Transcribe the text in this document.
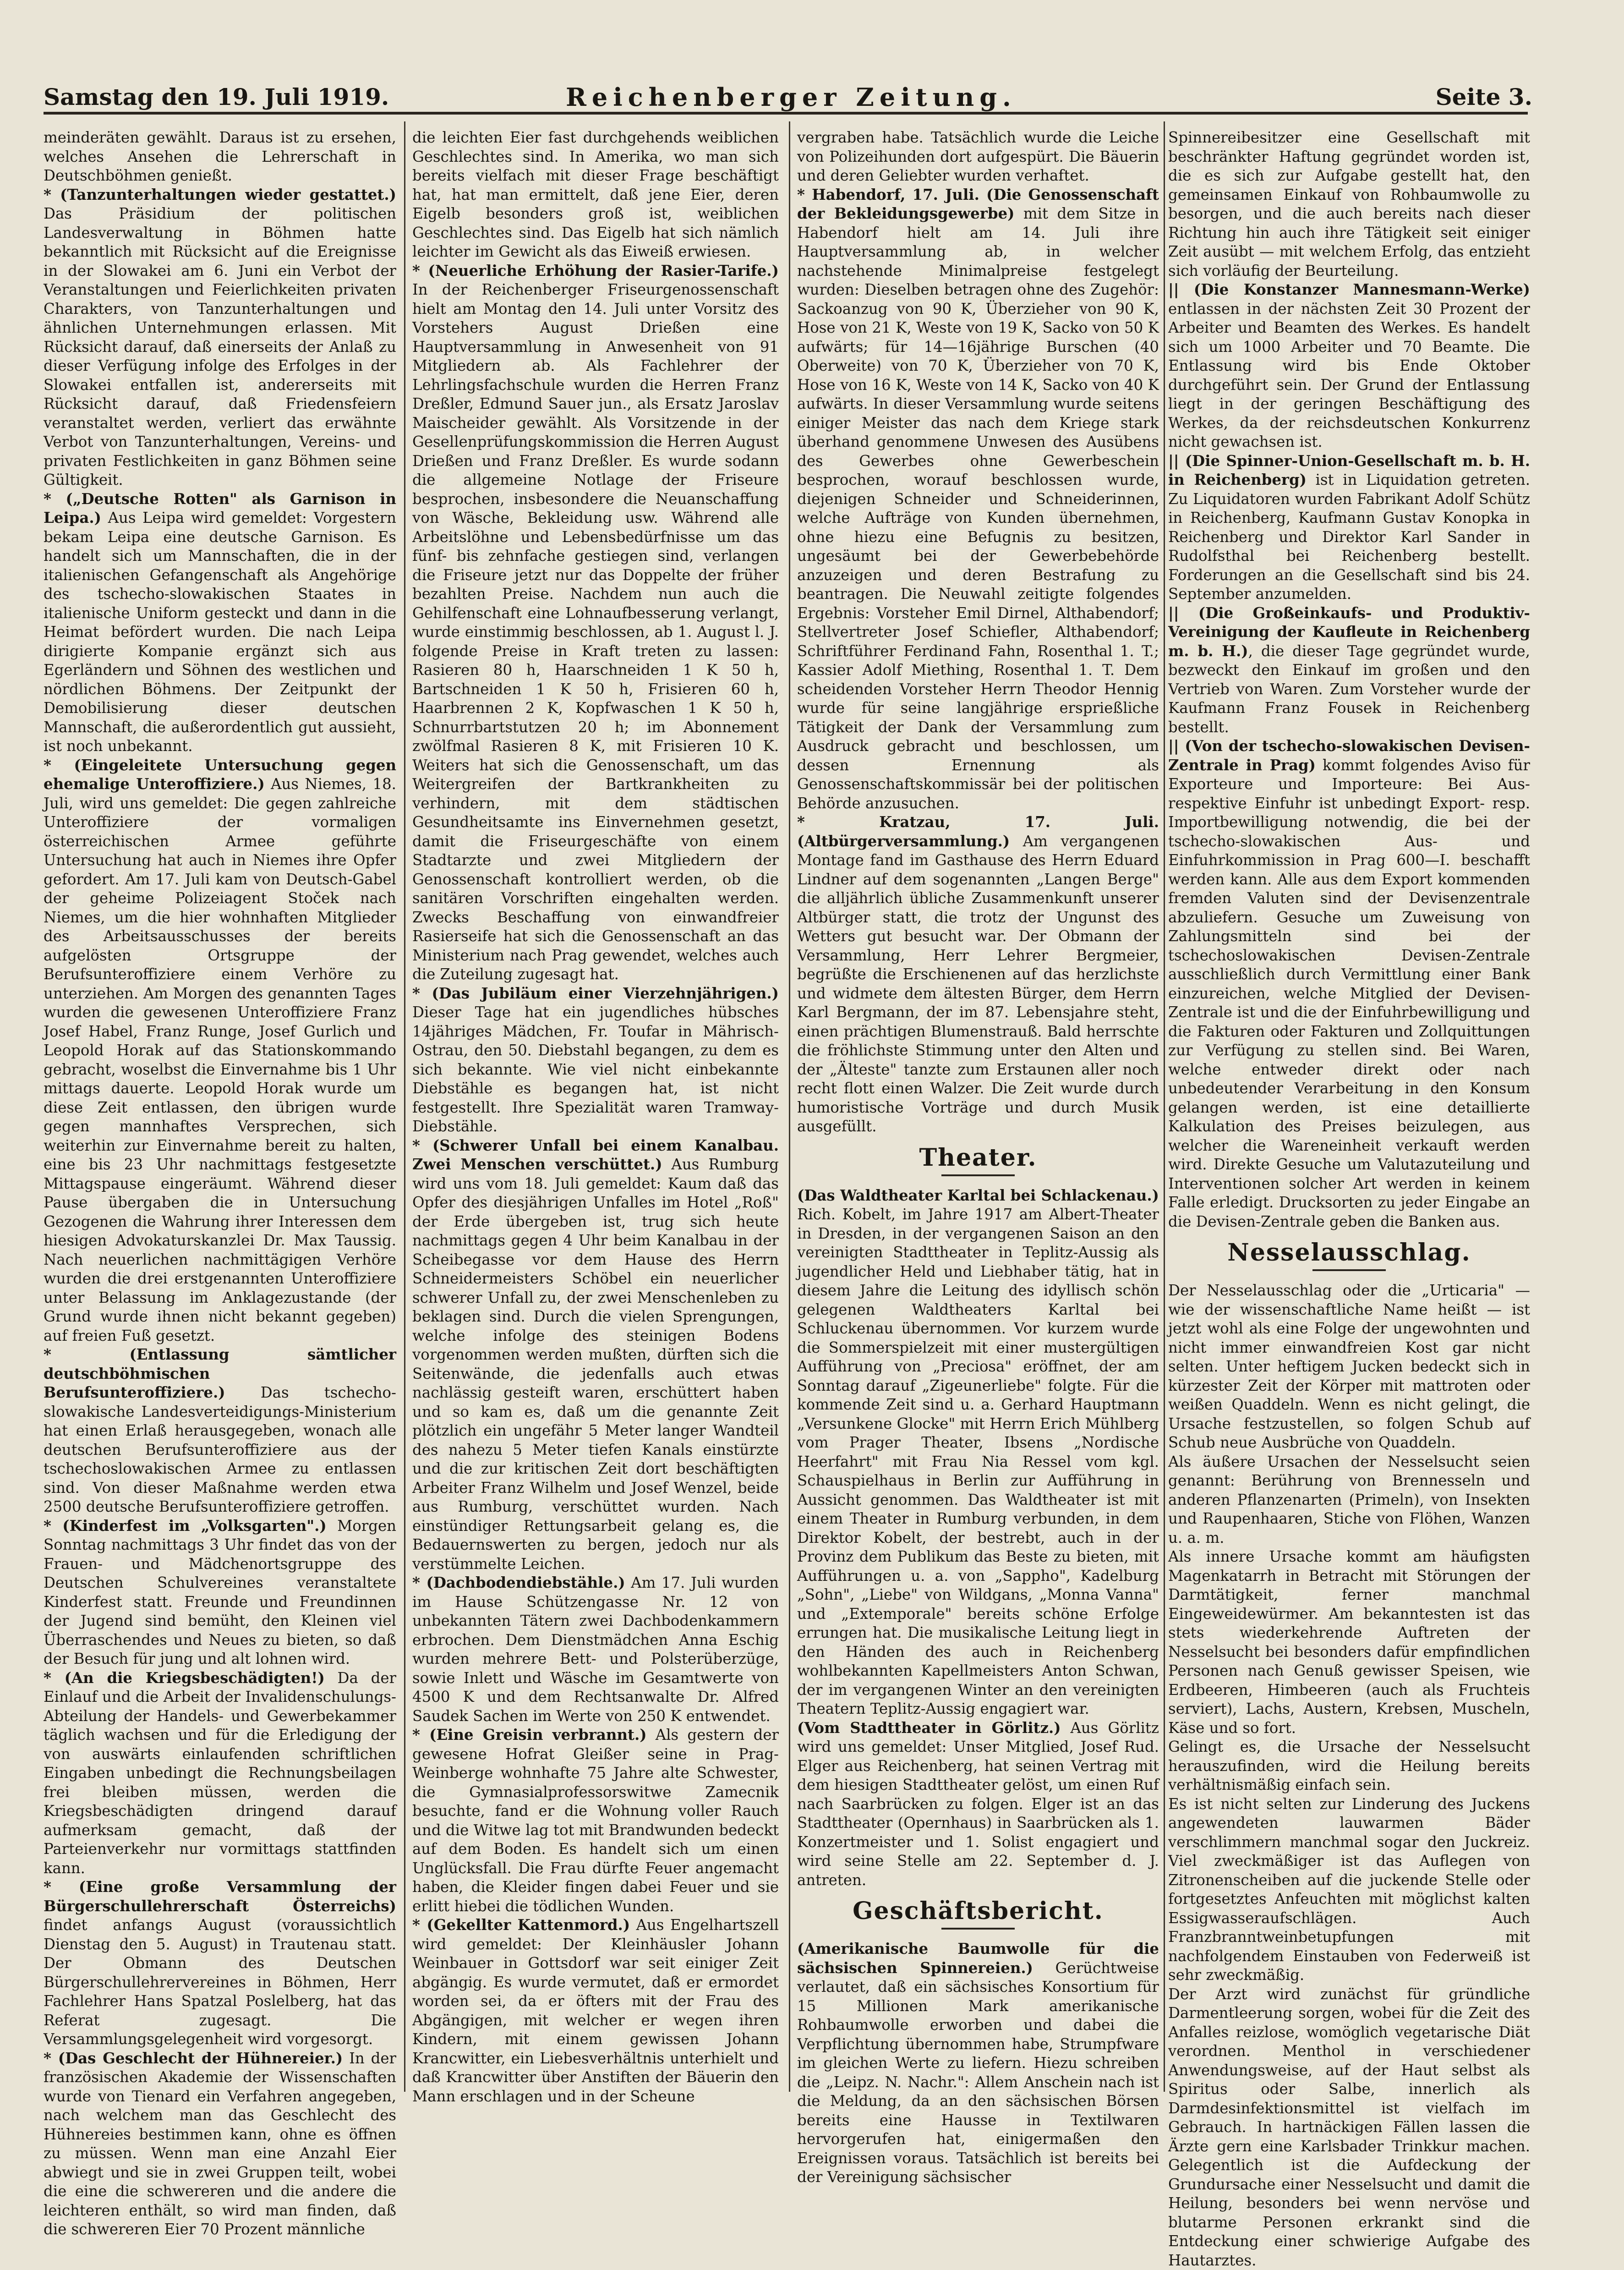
Samstag den 19. Juli 1919.	Reichenberger Zeitung.	Seite 3.

meinderäten gewählt. Daraus ist zu ersehen, welches Ansehen die Lehrerschaft in Deutschböhmen genießt.

* (Tanzunterhaltungen wieder gestattet.) Das Präsidium der politischen Landesverwaltung in Böhmen hatte bekanntlich mit Rücksicht auf die Ereignisse in der Slowakei am 6. Juni ein Verbot der Veranstaltungen und Feierlichkeiten privaten Charakters, von Tanzunterhaltungen und ähnlichen Unternehmungen erlassen. Mit Rücksicht darauf, daß einerseits der Anlaß zu dieser Verfügung infolge des Erfolges in der Slowakei entfallen ist, andererseits mit Rücksicht darauf, daß Friedensfeiern veranstaltet werden, verliert das erwähnte Verbot von Tanzunterhaltungen, Vereins- und privaten Festlichkeiten in ganz Böhmen seine Gültigkeit.

* („Deutsche Rotten" als Garnison in Leipa.) Aus Leipa wird gemeldet: Vorgestern bekam Leipa eine deutsche Garnison. Es handelt sich um Mannschaften, die in der italienischen Gefangenschaft als Angehörige des tschecho-slowakischen Staates in italienische Uniform gesteckt und dann in die Heimat befördert wurden. Die nach Leipa dirigierte Kompanie ergänzt sich aus Egerländern und Söhnen des westlichen und nördlichen Böhmens. Der Zeitpunkt der Demobilisierung dieser deutschen Mannschaft, die außerordentlich gut aussieht, ist noch unbekannt.

* (Eingeleitete Untersuchung gegen ehemalige Unteroffiziere.) Aus Niemes, 18. Juli, wird uns gemeldet: Die gegen zahlreiche Unteroffiziere der vormaligen österreichischen Armee geführte Untersuchung hat auch in Niemes ihre Opfer gefordert. Am 17. Juli kam von Deutsch-Gabel der geheime Polizeiagent Stoček nach Niemes, um die hier wohnhaften Mitglieder des Arbeitsausschusses der bereits aufgelösten Ortsgruppe der Berufsunteroffiziere einem Verhöre zu unterziehen. Am Morgen des genannten Tages wurden die gewesenen Unteroffiziere Franz Josef Habel, Franz Runge, Josef Gurlich und Leopold Horak auf das Stationskommando gebracht, woselbst die Einvernahme bis 1 Uhr mittags dauerte. Leopold Horak wurde um diese Zeit entlassen, den übrigen wurde gegen mannhaftes Versprechen, sich weiterhin zur Einvernahme bereit zu halten, eine bis 23 Uhr nachmittags festgesetzte Mittagspause eingeräumt. Während dieser Pause übergaben die in Untersuchung Gezogenen die Wahrung ihrer Interessen dem hiesigen Advokaturskanzlei Dr. Max Taussig. Nach neuerlichen nachmittägigen Verhöre wurden die drei erstgenannten Unteroffiziere unter Belassung im Anklagezustande (der Grund wurde ihnen nicht bekannt gegeben) auf freien Fuß gesetzt.

* (Entlassung sämtlicher deutschböhmischen Berufsunteroffiziere.) Das tschecho-slowakische Landesverteidigungs-Ministerium hat einen Erlaß herausgegeben, wonach alle deutschen Berufsunteroffiziere aus der tschechoslowakischen Armee zu entlassen sind. Von dieser Maßnahme werden etwa 2500 deutsche Berufsunteroffiziere getroffen.

* (Kinderfest im „Volksgarten".) Morgen Sonntag nachmittags 3 Uhr findet das von der Frauen- und Mädchenortsgruppe des Deutschen Schulvereines veranstaltete Kinderfest statt. Freunde und Freundinnen der Jugend sind bemüht, den Kleinen viel Überraschendes und Neues zu bieten, so daß der Besuch für jung und alt lohnen wird.

* (An die Kriegsbeschädigten!) Da der Einlauf und die Arbeit der Invalidenschulungs-Abteilung der Handels- und Gewerbekammer täglich wachsen und für die Erledigung der von auswärts einlaufenden schriftlichen Eingaben unbedingt die Rechnungsbeilagen frei bleiben müssen, werden die Kriegsbeschädigten dringend darauf aufmerksam gemacht, daß der Parteienverkehr nur vormittags stattfinden kann.

* (Eine große Versammlung der Bürgerschullehrerschaft Österreichs) findet anfangs August (voraussichtlich Dienstag den 5. August) in Trautenau statt. Der Obmann des Deutschen Bürgerschullehrervereines in Böhmen, Herr Fachlehrer Hans Spatzal Poslelberg, hat das Referat zugesagt. Die Versammlungsgelegenheit wird vorgesorgt.

* (Das Geschlecht der Hühnereier.) In der französischen Akademie der Wissenschaften wurde von Tienard ein Verfahren angegeben, nach welchem man das Geschlecht des Hühnereies bestimmen kann, ohne es öffnen zu müssen. Wenn man eine Anzahl Eier abwiegt und sie in zwei Gruppen teilt, wobei die eine die schwereren und die andere die leichteren enthält, so wird man finden, daß die schwereren Eier 70 Prozent männliche

die leichten Eier fast durchgehends weiblichen Geschlechtes sind. In Amerika, wo man sich bereits vielfach mit dieser Frage beschäftigt hat, hat man ermittelt, daß jene Eier, deren Eigelb besonders groß ist, weiblichen Geschlechtes sind. Das Eigelb hat sich nämlich leichter im Gewicht als das Eiweiß erwiesen.

* (Neuerliche Erhöhung der Rasier-Tarife.) In der Reichenberger Friseurgenossenschaft hielt am Montag den 14. Juli unter Vorsitz des Vorstehers August Drießen eine Hauptversammlung in Anwesenheit von 91 Mitgliedern ab. Als Fachlehrer der Lehrlingsfachschule wurden die Herren Franz Dreßler, Edmund Sauer jun., als Ersatz Jaroslav Maischeider gewählt. Als Vorsitzende in der Gesellenprüfungskommission die Herren August Drießen und Franz Dreßler. Es wurde sodann die allgemeine Notlage der Friseure besprochen, insbesondere die Neuanschaffung von Wäsche, Bekleidung usw. Während alle Arbeitslöhne und Lebensbedürfnisse um das fünf- bis zehnfache gestiegen sind, verlangen die Friseure jetzt nur das Doppelte der früher bezahlten Preise. Nachdem nun auch die Gehilfenschaft eine Lohnaufbesserung verlangt, wurde einstimmig beschlossen, ab 1. August l. J. folgende Preise in Kraft treten zu lassen: Rasieren 80 h, Haarschneiden 1 K 50 h, Bartschneiden 1 K 50 h, Frisieren 60 h, Haarbrennen 2 K, Kopfwaschen 1 K 50 h, Schnurrbartstutzen 20 h; im Abonnement zwölfmal Rasieren 8 K, mit Frisieren 10 K. Weiters hat sich die Genossenschaft, um das Weitergreifen der Bartkrankheiten zu verhindern, mit dem städtischen Gesundheitsamte ins Einvernehmen gesetzt, damit die Friseurgeschäfte von einem Stadtarzte und zwei Mitgliedern der Genossenschaft kontrolliert werden, ob die sanitären Vorschriften eingehalten werden. Zwecks Beschaffung von einwandfreier Rasierseife hat sich die Genossenschaft an das Ministerium nach Prag gewendet, welches auch die Zuteilung zugesagt hat.

* (Das Jubiläum einer Vierzehnjährigen.) Dieser Tage hat ein jugendliches hübsches 14jähriges Mädchen, Fr. Toufar in Mährisch-Ostrau, den 50. Diebstahl begangen, zu dem es sich bekannte. Wie viel nicht einbekannte Diebstähle es begangen hat, ist nicht festgestellt. Ihre Spezialität waren Tramway-Diebstähle.

* (Schwerer Unfall bei einem Kanalbau. Zwei Menschen verschüttet.) Aus Rumburg wird uns vom 18. Juli gemeldet: Kaum daß das Opfer des diesjährigen Unfalles im Hotel „Roß" der Erde übergeben ist, trug sich heute nachmittags gegen 4 Uhr beim Kanalbau in der Scheibegasse vor dem Hause des Herrn Schneidermeisters Schöbel ein neuerlicher schwerer Unfall zu, der zwei Menschenleben zu beklagen sind. Durch die vielen Sprengungen, welche infolge des steinigen Bodens vorgenommen werden mußten, dürften sich die Seitenwände, die jedenfalls auch etwas nachlässig gesteift waren, erschüttert haben und so kam es, daß um die genannte Zeit plötzlich ein ungefähr 5 Meter langer Wandteil des nahezu 5 Meter tiefen Kanals einstürzte und die zur kritischen Zeit dort beschäftigten Arbeiter Franz Wilhelm und Josef Wenzel, beide aus Rumburg, verschüttet wurden. Nach einstündiger Rettungsarbeit gelang es, die Bedauernswerten zu bergen, jedoch nur als verstümmelte Leichen.

* (Dachbodendiebstähle.) Am 17. Juli wurden im Hause Schützengasse Nr. 12 von unbekannten Tätern zwei Dachbodenkammern erbrochen. Dem Dienstmädchen Anna Eschig wurden mehrere Bett- und Polsterüberzüge, sowie Inlett und Wäsche im Gesamtwerte von 4500 K und dem Rechtsanwalte Dr. Alfred Saudek Sachen im Werte von 250 K entwendet.

* (Eine Greisin verbrannt.) Als gestern der gewesene Hofrat Gleißer seine in Prag-Weinberge wohnhafte 75 Jahre alte Schwester, die Gymnasialprofessorswitwe Zamecnik besuchte, fand er die Wohnung voller Rauch und die Witwe lag tot mit Brandwunden bedeckt auf dem Boden. Es handelt sich um einen Unglücksfall. Die Frau dürfte Feuer angemacht haben, die Kleider fingen dabei Feuer und sie erlitt hiebei die tödlichen Wunden.

* (Gekellter Kattenmord.) Aus Engelhartszell wird gemeldet: Der Kleinhäusler Johann Weinbauer in Gottsdorf war seit einiger Zeit abgängig. Es wurde vermutet, daß er ermordet worden sei, da er öfters mit der Frau des Abgängigen, mit welcher er wegen ihren Kindern, mit einem gewissen Johann Krancwitter, ein Liebesverhältnis unterhielt und daß Krancwitter über Anstiften der Bäuerin den Mann erschlagen und in der Scheune

vergraben habe. Tatsächlich wurde die Leiche von Polizeihunden dort aufgespürt. Die Bäuerin und deren Geliebter wurden verhaftet.

* Habendorf, 17. Juli. (Die Genossenschaft der Bekleidungsgewerbe) mit dem Sitze in Habendorf hielt am 14. Juli ihre Hauptversammlung ab, in welcher nachstehende Minimalpreise festgelegt wurden: Dieselben betragen ohne des Zugehör: Sackoanzug von 90 K, Überzieher von 90 K, Hose von 21 K, Weste von 19 K, Sacko von 50 K aufwärts; für 14—16jährige Burschen (40 Oberweite) von 70 K, Überzieher von 70 K, Hose von 16 K, Weste von 14 K, Sacko von 40 K aufwärts. In dieser Versammlung wurde seitens einiger Meister das nach dem Kriege stark überhand genommene Unwesen des Ausübens des Gewerbes ohne Gewerbeschein besprochen, worauf beschlossen wurde, diejenigen Schneider und Schneiderinnen, welche Aufträge von Kunden übernehmen, ohne hiezu eine Befugnis zu besitzen, ungesäumt bei der Gewerbebehörde anzuzeigen und deren Bestrafung zu beantragen. Die Neuwahl zeitigte folgendes Ergebnis: Vorsteher Emil Dirnel, Althabendorf; Stellvertreter Josef Schiefler, Althabendorf; Schriftführer Ferdinand Fahn, Rosenthal 1. T.; Kassier Adolf Miething, Rosenthal 1. T. Dem scheidenden Vorsteher Herrn Theodor Hennig wurde für seine langjährige ersprießliche Tätigkeit der Dank der Versammlung zum Ausdruck gebracht und beschlossen, um dessen Ernennung als Genossenschaftskommissär bei der politischen Behörde anzusuchen.

* Kratzau, 17. Juli. (Altbürgerversammlung.) Am vergangenen Montage fand im Gasthause des Herrn Eduard Lindner auf dem sogenannten „Langen Berge" die alljährlich übliche Zusammenkunft unserer Altbürger statt, die trotz der Ungunst des Wetters gut besucht war. Der Obmann der Versammlung, Herr Lehrer Bergmeier, begrüßte die Erschienenen auf das herzlichste und widmete dem ältesten Bürger, dem Herrn Karl Bergmann, der im 87. Lebensjahre steht, einen prächtigen Blumenstrauß. Bald herrschte die fröhlichste Stimmung unter den Alten und der „Älteste" tanzte zum Erstaunen aller noch recht flott einen Walzer. Die Zeit wurde durch humoristische Vorträge und durch Musik ausgefüllt.

Theater.

(Das Waldtheater Karltal bei Schlackenau.) Rich. Kobelt, im Jahre 1917 am Albert-Theater in Dresden, in der vergangenen Saison an den vereinigten Stadttheater in Teplitz-Aussig als jugendlicher Held und Liebhaber tätig, hat in diesem Jahre die Leitung des idyllisch schön gelegenen Waldtheaters Karltal bei Schluckenau übernommen. Vor kurzem wurde die Sommerspielzeit mit einer mustergültigen Aufführung von „Preciosa" eröffnet, der am Sonntag darauf „Zigeunerliebe" folgte. Für die kommende Zeit sind u. a. Gerhard Hauptmann „Versunkene Glocke" mit Herrn Erich Mühlberg vom Prager Theater, Ibsens „Nordische Heerfahrt" mit Frau Nia Ressel vom kgl. Schauspielhaus in Berlin zur Aufführung in Aussicht genommen. Das Waldtheater ist mit einem Theater in Rumburg verbunden, in dem Direktor Kobelt, der bestrebt, auch in der Provinz dem Publikum das Beste zu bieten, mit Aufführungen u. a. von „Sappho", Kadelburg „Sohn", „Liebe" von Wildgans, „Monna Vanna" und „Extemporale" bereits schöne Erfolge errungen hat. Die musikalische Leitung liegt in den Händen des auch in Reichenberg wohlbekannten Kapellmeisters Anton Schwan, der im vergangenen Winter an den vereinigten Theatern Teplitz-Aussig engagiert war.

(Vom Stadttheater in Görlitz.) Aus Görlitz wird uns gemeldet: Unser Mitglied, Josef Rud. Elger aus Reichenberg, hat seinen Vertrag mit dem hiesigen Stadttheater gelöst, um einen Ruf nach Saarbrücken zu folgen. Elger ist an das Stadttheater (Opernhaus) in Saarbrücken als 1. Konzertmeister und 1. Solist engagiert und wird seine Stelle am 22. September d. J. antreten.

Geschäftsbericht.

(Amerikanische Baumwolle für die sächsischen Spinnereien.) Gerüchtweise verlautet, daß ein sächsisches Konsortium für 15 Millionen Mark amerikanische Rohbaumwolle erworben und dabei die Verpflichtung übernommen habe, Strumpfware im gleichen Werte zu liefern. Hiezu schreiben die „Leipz. N. Nachr.": Allem Anschein nach ist die Meldung, da an den sächsischen Börsen bereits eine Hausse in Textilwaren hervorgerufen hat, einigermaßen den Ereignissen voraus. Tatsächlich ist bereits bei der Vereinigung sächsischer

Spinnereibesitzer eine Gesellschaft mit beschränkter Haftung gegründet worden ist, die es sich zur Aufgabe gestellt hat, den gemeinsamen Einkauf von Rohbaumwolle zu besorgen, und die auch bereits nach dieser Richtung hin auch ihre Tätigkeit seit einiger Zeit ausübt — mit welchem Erfolg, das entzieht sich vorläufig der Beurteilung.

|| (Die Konstanzer Mannesmann-Werke) entlassen in der nächsten Zeit 30 Prozent der Arbeiter und Beamten des Werkes. Es handelt sich um 1000 Arbeiter und 70 Beamte. Die Entlassung wird bis Ende Oktober durchgeführt sein. Der Grund der Entlassung liegt in der geringen Beschäftigung des Werkes, da der reichsdeutschen Konkurrenz nicht gewachsen ist.

|| (Die Spinner-Union-Gesellschaft m. b. H. in Reichenberg) ist in Liquidation getreten. Zu Liquidatoren wurden Fabrikant Adolf Schütz in Reichenberg, Kaufmann Gustav Konopka in Reichenberg und Direktor Karl Sander in Rudolfsthal bei Reichenberg bestellt. Forderungen an die Gesellschaft sind bis 24. September anzumelden.

|| (Die Großeinkaufs- und Produktiv-Vereinigung der Kaufleute in Reichenberg m. b. H.), die dieser Tage gegründet wurde, bezweckt den Einkauf im großen und den Vertrieb von Waren. Zum Vorsteher wurde der Kaufmann Franz Fousek in Reichenberg bestellt.

|| (Von der tschecho-slowakischen Devisen-Zentrale in Prag) kommt folgendes Aviso für Exporteure und Importeure: Bei Aus- respektive Einfuhr ist unbedingt Export- resp. Importbewilligung notwendig, die bei der tschecho-slowakischen Aus- und Einfuhrkommission in Prag 600—I. beschafft werden kann. Alle aus dem Export kommenden fremden Valuten sind der Devisenzentrale abzuliefern. Gesuche um Zuweisung von Zahlungsmitteln sind bei der tschechoslowakischen Devisen-Zentrale ausschließlich durch Vermittlung einer Bank einzureichen, welche Mitglied der Devisen-Zentrale ist und die der Einfuhrbewilligung und die Fakturen oder Fakturen und Zollquittungen zur Verfügung zu stellen sind. Bei Waren, welche entweder direkt oder nach unbedeutender Verarbeitung in den Konsum gelangen werden, ist eine detaillierte Kalkulation des Preises beizulegen, aus welcher die Wareneinheit verkauft werden wird. Direkte Gesuche um Valutazuteilung und Interventionen solcher Art werden in keinem Falle erledigt. Drucksorten zu jeder Eingabe an die Devisen-Zentrale geben die Banken aus.

Nesselausschlag.

Der Nesselausschlag oder die „Urticaria" — wie der wissenschaftliche Name heißt — ist jetzt wohl als eine Folge der ungewohnten und nicht immer einwandfreien Kost gar nicht selten. Unter heftigem Jucken bedeckt sich in kürzester Zeit der Körper mit mattroten oder weißen Quaddeln. Wenn es nicht gelingt, die Ursache festzustellen, so folgen Schub auf Schub neue Ausbrüche von Quaddeln.

Als äußere Ursachen der Nesselsucht seien genannt: Berührung von Brennesseln und anderen Pflanzenarten (Primeln), von Insekten und Raupenhaaren, Stiche von Flöhen, Wanzen u. a. m.

Als innere Ursache kommt am häufigsten Magenkatarrh in Betracht mit Störungen der Darmtätigkeit, ferner manchmal Eingeweidewürmer. Am bekanntesten ist das stets wiederkehrende Auftreten der Nesselsucht bei besonders dafür empfindlichen Personen nach Genuß gewisser Speisen, wie Erdbeeren, Himbeeren (auch als Fruchteis serviert), Lachs, Austern, Krebsen, Muscheln, Käse und so fort.

Gelingt es, die Ursache der Nesselsucht herauszufinden, wird die Heilung bereits verhältnismäßig einfach sein.

Es ist nicht selten zur Linderung des Juckens angewendeten lauwarmen Bäder verschlimmern manchmal sogar den Juckreiz. Viel zweckmäßiger ist das Auflegen von Zitronenscheiben auf die juckende Stelle oder fortgesetztes Anfeuchten mit möglichst kalten Essigwasseraufschlägen. Auch Franzbranntweinbetupfungen mit nachfolgendem Einstauben von Federweiß ist sehr zweckmäßig.

Der Arzt wird zunächst für gründliche Darmentleerung sorgen, wobei für die Zeit des Anfalles reizlose, womöglich vegetarische Diät verordnen. Menthol in verschiedener Anwendungsweise, auf der Haut selbst als Spiritus oder Salbe, innerlich als Darmdesinfektionsmittel ist vielfach im Gebrauch. In hartnäckigen Fällen lassen die Ärzte gern eine Karlsbader Trinkkur machen. Gelegentlich ist die Aufdeckung der Grundursache einer Nesselsucht und damit die Heilung, besonders bei wenn nervöse und blutarme Personen erkrankt sind die Entdeckung einer schwierige Aufgabe des Hautarztes.
